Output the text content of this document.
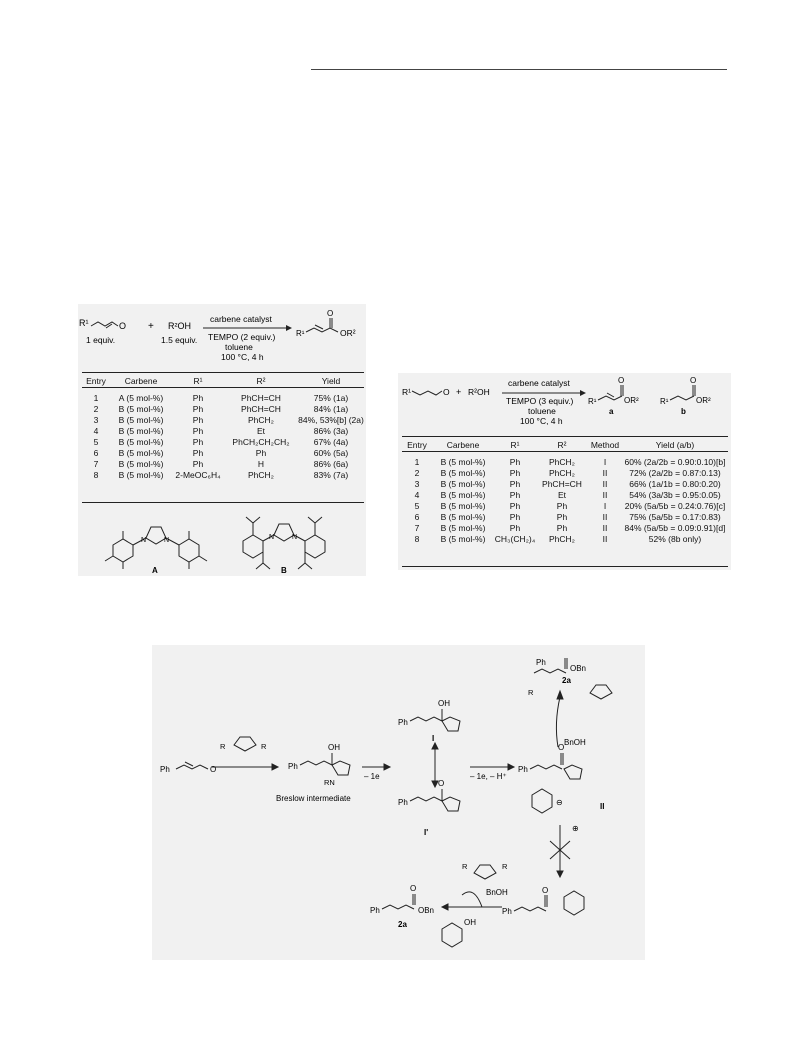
R¹	O
1 equiv.
+ R²OH
1.5 equiv.
carbene catalyst
TEMPO (2 equiv.)
toluene
100 °C, 4 h
R¹
O
OR²
Entry	Carbene	R¹	R²	Yield

1	A (5 mol-%)	Ph	PhCH=CH	75% (1a)
2	B (5 mol-%)	Ph	PhCH=CH	84% (1a)
3	B (5 mol-%)	Ph	PhCH₂	84%, 53%[b] (2a)
4	B (5 mol-%)	Ph	Et	86% (3a)
5	B (5 mol-%)	Ph	PhCH₂CH₂CH₂	67% (4a)
6	B (5 mol-%)	Ph	Ph	60% (5a)
7	B (5 mol-%)	Ph	H	86% (6a)
8	B (5 mol-%)	2-MeOC₆H₄	PhCH₂	83% (7a)
N	N
A
N	N
B
R¹	O + R²OH
carbene catalyst
TEMPO (3 equiv.)
toluene
100 °C, 4 h
R¹
O
OR²
a
R¹
O
OR²
b
Entry	Carbene	R¹	R²	Method	Yield (a/b)

1	B (5 mol-%)	Ph	PhCH₂	I	60% (2a/2b = 0.90:0.10)[b]
2	B (5 mol-%)	Ph	PhCH₂	II	72% (2a/2b = 0.87:0.13)
3	B (5 mol-%)	Ph	PhCH=CH	II	66% (1a/1b = 0.80:0.20)
4	B (5 mol-%)	Ph	Et	II	54% (3a/3b = 0.95:0.05)
5	B (5 mol-%)	Ph	Ph	I	20% (5a/5b = 0.24:0.76)[c]
6	B (5 mol-%)	Ph	Ph	II	75% (5a/5b = 0.17:0.83)
7	B (5 mol-%)	Ph	Ph	II	84% (5a/5b = 0.09:0.91)[d]
8	B (5 mol-%)	CH₃(CH₂)₄	PhCH₂	II	52% (8b only)
Ph	O
R	R
Ph
OH
RN
Breslow intermediate
– 1e
Ph
OH
I
Ph
O
I'
– 1e, – H⁺
Ph
O
⊖
⊕
II
Ph
OBn
2a
R
BnOH
Ph
O
BnOH
R	R
Ph
O
OBn
2a	OH
